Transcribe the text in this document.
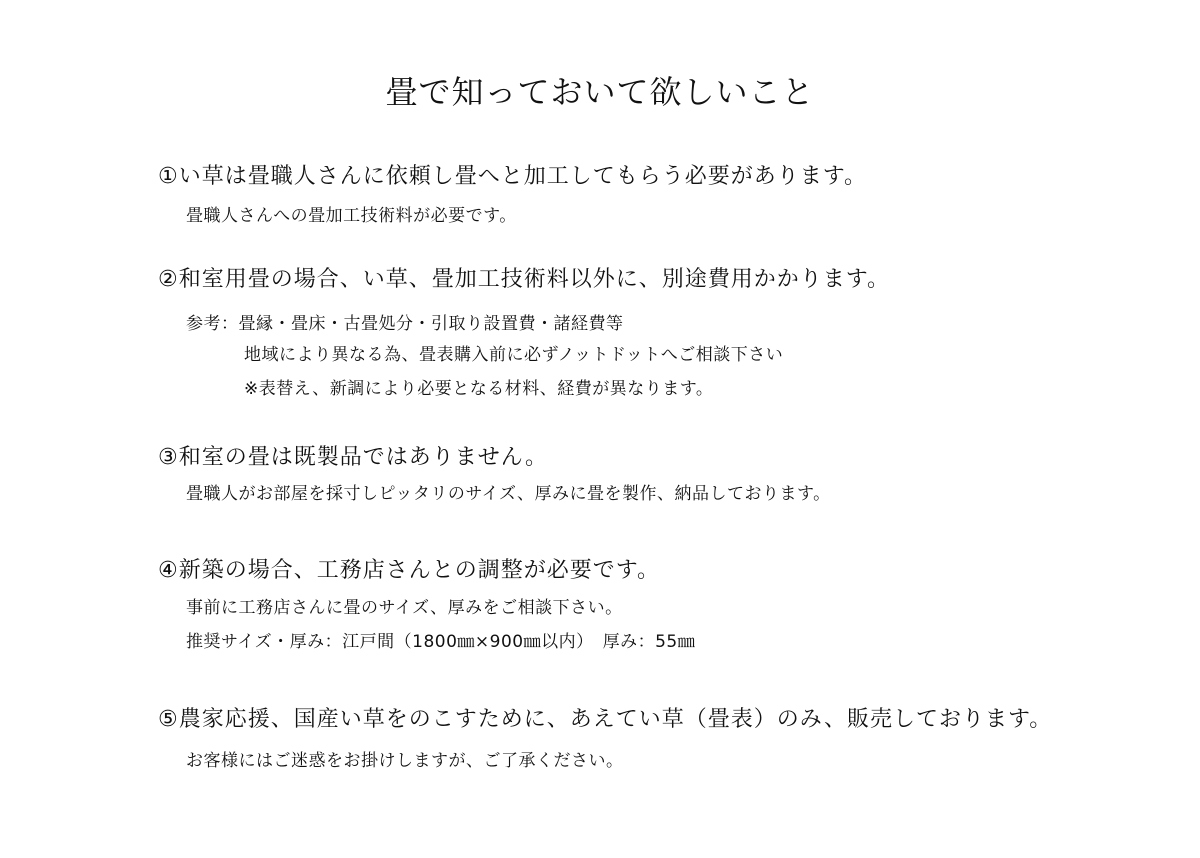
畳で知っておいて欲しいこと
①い草は畳職人さんに依頼し畳へと加工してもらう必要があります。
畳職人さんへの畳加工技術料が必要です。
②和室用畳の場合、い草、畳加工技術料以外に、別途費用かかります。
参考：畳縁・畳床・古畳処分・引取り設置費・諸経費等
地域により異なる為、畳表購入前に必ずノットドットへご相談下さい
※表替え、新調により必要となる材料、経費が異なります。
③和室の畳は既製品ではありません。
畳職人がお部屋を採寸しピッタリのサイズ、厚みに畳を製作、納品しております。
④新築の場合、工務店さんとの調整が必要です。
事前に工務店さんに畳のサイズ、厚みをご相談下さい。
推奨サイズ・厚み：江戸間（1800㎜×900㎜以内）　厚み：55㎜
⑤農家応援、国産い草をのこすために、あえてい草（畳表）のみ、販売しております。
お客様にはご迷惑をお掛けしますが、ご了承ください。
